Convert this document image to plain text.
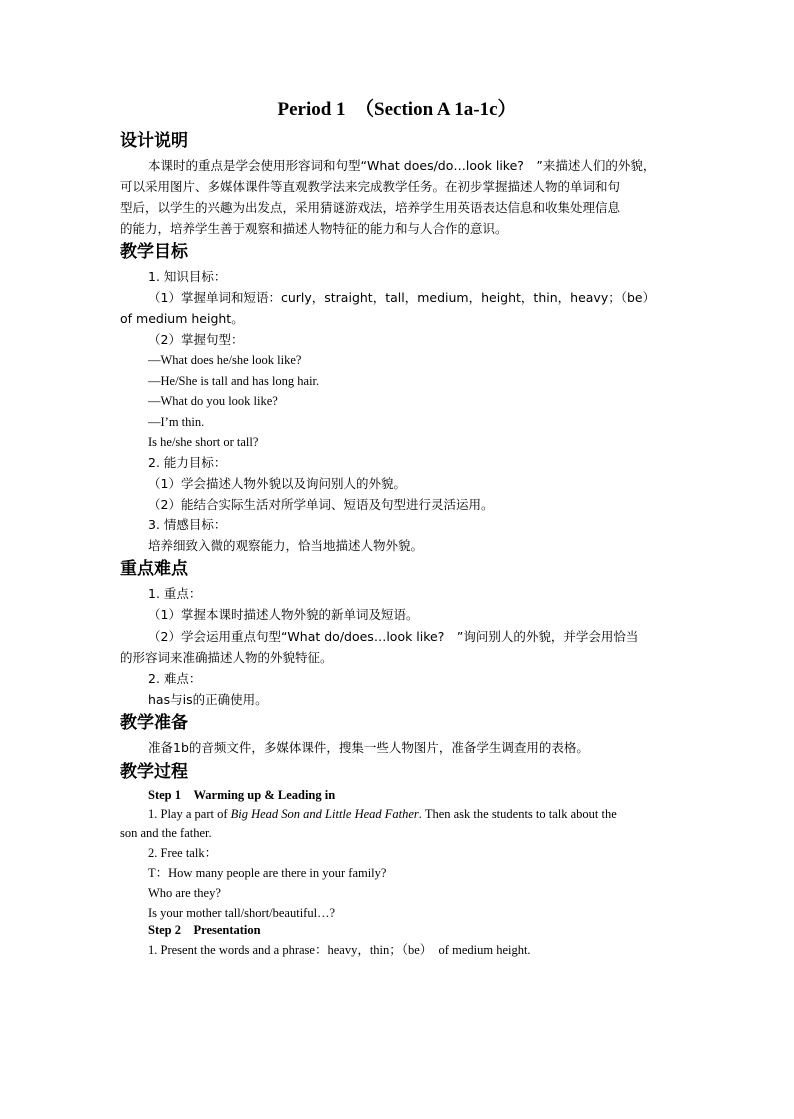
Period 1　（Section A 1a-1c）
设计说明
本课时的重点是学会使用形容词和句型“What does/do…look like?　”来描述人们的外貌，
可以采用图片、多媒体课件等直观教学法来完成教学任务。在初步掌握描述人物的单词和句
型后，以学生的兴趣为出发点，采用猜谜游戏法，培养学生用英语表达信息和收集处理信息
的能力，培养学生善于观察和描述人物特征的能力和与人合作的意识。
教学目标
1. 知识目标：
（1）掌握单词和短语：curly，straight，tall，medium，height，thin，heavy；（be）
of medium height。
（2）掌握句型：
—What does he/she look like?
—He/She is tall and has long hair.
—What do you look like?
—I’m thin.
Is he/she short or tall?
2. 能力目标：
（1）学会描述人物外貌以及询问别人的外貌。
（2）能结合实际生活对所学单词、短语及句型进行灵活运用。
3. 情感目标：
培养细致入微的观察能力，恰当地描述人物外貌。
重点难点
1. 重点：
（1）掌握本课时描述人物外貌的新单词及短语。
（2）学会运用重点句型“What do/does…look like?　”询问别人的外貌，并学会用恰当
的形容词来准确描述人物的外貌特征。
2. 难点：
has与is的正确使用。
教学准备
准备1b的音频文件，多媒体课件，搜集一些人物图片，准备学生调查用的表格。
教学过程
Step 1　Warming up & Leading in
1. Play a part of Big Head Son and Little Head Father. Then ask the students to talk about the
son and the father.
2. Free talk：
T：How many people are there in your family?
Who are they?
Is your mother tall/short/beautiful…?
Step 2　Presentation
1. Present the words and a phrase：heavy，thin；（be）　of medium height.
